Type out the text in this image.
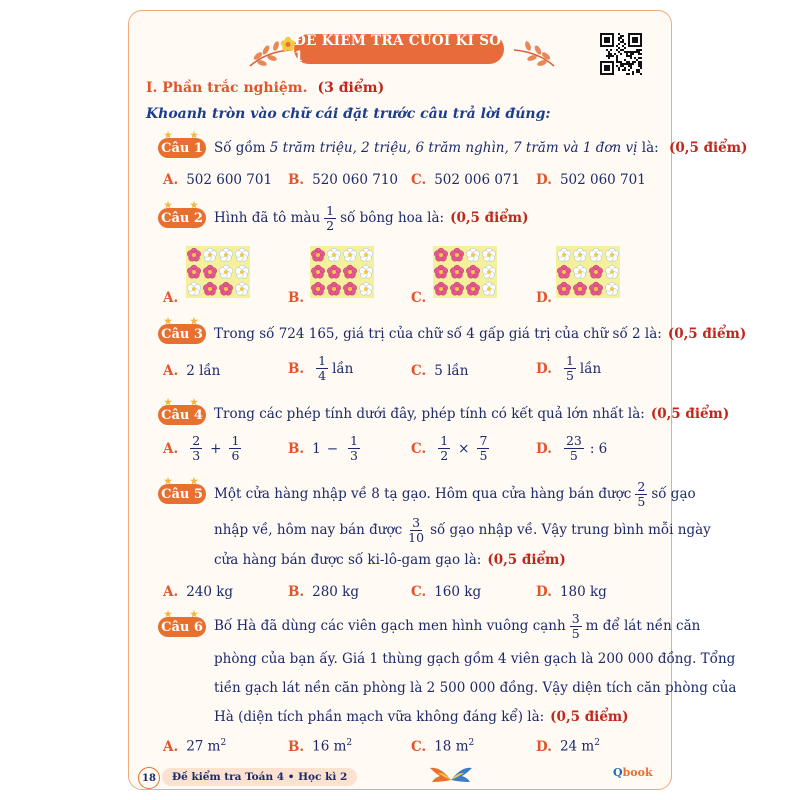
ĐỀ KIỂM TRA CUỐI KÌ SỐ 1
I. Phần trắc nghiệm. (3 điểm)
Khoanh tròn vào chữ cái đặt trước câu trả lời đúng:
★ ★
Câu 1 Số gồm 5 trăm triệu, 2 triệu, 6 trăm nghìn, 7 trăm và 1 đơn vị là: (0,5 điểm)
A. 502 600 701 B. 520 060 710 C. 502 006 071 D. 502 060 701
★ ★
Câu 2 Hình đã tô màu $\frac{1}{2}$ số bông hoa là: (0,5 điểm)
A.	B.	C.	D.
★ ★
Câu 3 Trong số 724 165, giá trị của chữ số 4 gấp giá trị của chữ số 2 là: (0,5 điểm)
A. 2 lần	B. $\frac{1}{4}$ lần	C. 5 lần	D. $\frac{1}{5}$ lần
★ ★
Câu 4 Trong các phép tính dưới đây, phép tính có kết quả lớn nhất là: (0,5 điểm)
A. $\frac{2}{3} + \frac{1}{6}$	B. $1 - \frac{1}{3}$	C. $\frac{1}{2} \times \frac{7}{5}$	D. $\frac{23}{5}$ : 6
★ ★
Câu 5 Một cửa hàng nhập về 8 tạ gạo. Hôm qua cửa hàng bán được $\frac{2}{5}$ số gạo
nhập về, hôm nay bán được $\frac{3}{10}$ số gạo nhập về. Vậy trung bình mỗi ngày
cửa hàng bán được số ki-lô-gam gạo là: (0,5 điểm)
A. 240 kg	B. 280 kg	C. 160 kg	D. 180 kg
★ ★
Câu 6 Bố Hà đã dùng các viên gạch men hình vuông cạnh $\frac{3}{5}$ m để lát nền căn
phòng của bạn ấy. Giá 1 thùng gạch gồm 4 viên gạch là 200 000 đồng. Tổng
tiền gạch lát nền căn phòng là 2 500 000 đồng. Vậy diện tích căn phòng của
Hà (diện tích phần mạch vữa không đáng kể) là: (0,5 điểm)
A. 27 $m^2$	B. 16 $m^2$	C. 18 $m^2$	D. 24 $m^2$
18	Đề kiểm tra Toán 4 • Học kì 2	Qbook
